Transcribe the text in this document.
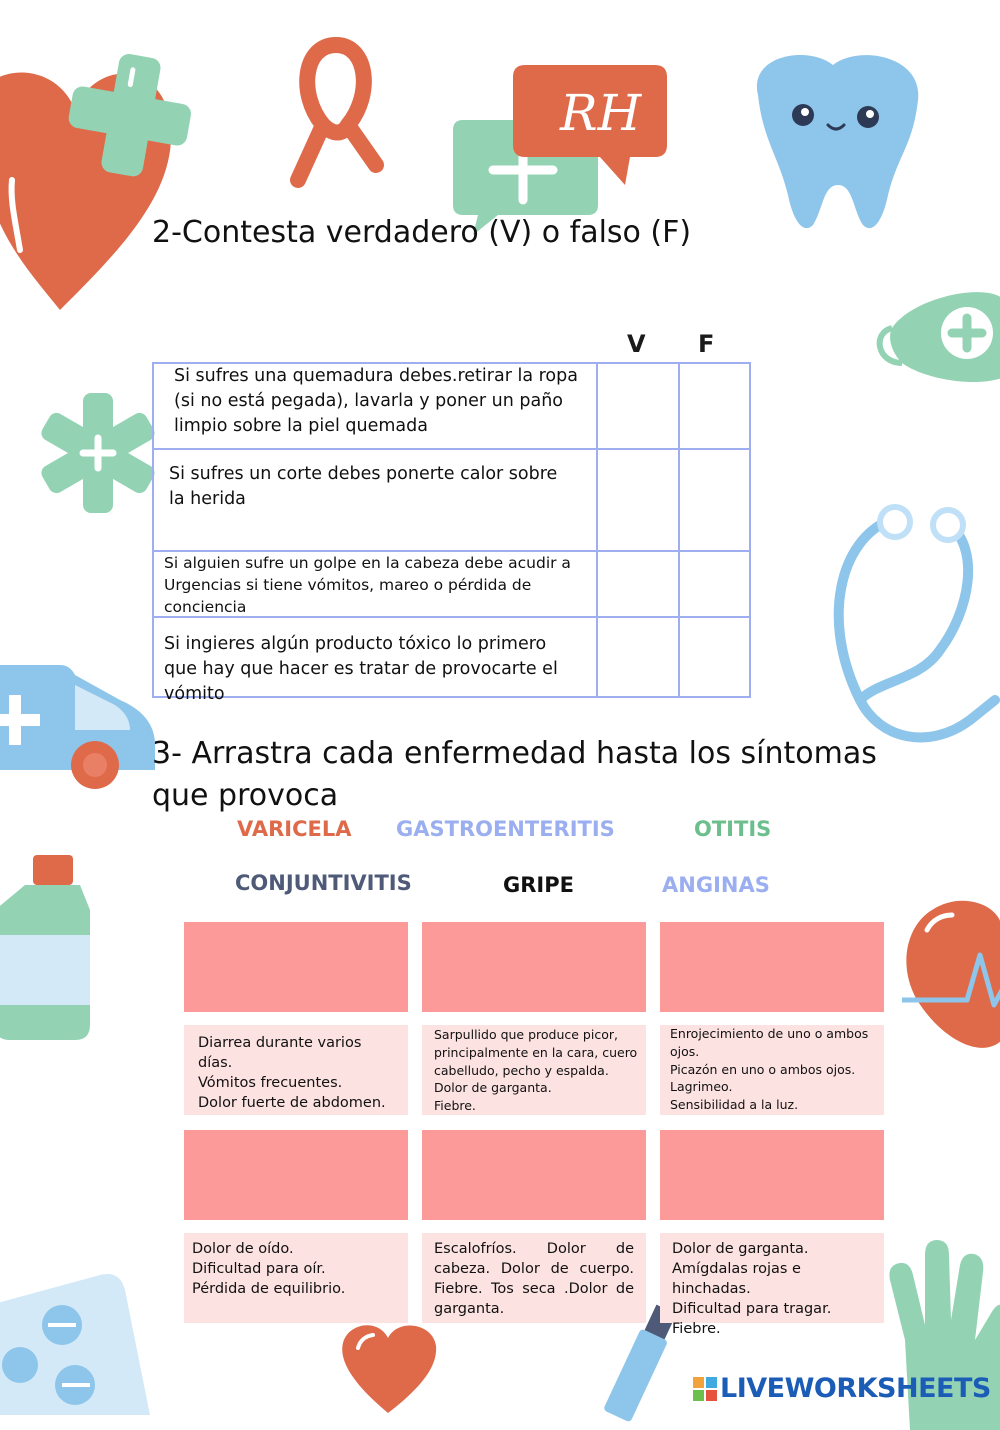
RH
2-Contesta verdadero (V) o falso (F)
V F
Si sufres una quemadura debes.retirar la ropa (si no está pegada), lavarla y poner un paño limpio sobre la piel quemada
Si sufres un corte debes ponerte calor sobre la herida
Si alguien sufre un golpe en la cabeza debe acudir a Urgencias si tiene vómitos, mareo o pérdida de conciencia
Si ingieres algún producto tóxico lo primero que hay que hacer es tratar de provocarte el vómito
3- Arrastra cada enfermedad hasta los síntomas que provoca
VARICELA GASTROENTERITIS	OTITIS
CONJUNTIVITIS	GRIPE	ANGINAS
Diarrea durante varios días.
Vómitos frecuentes.
Dolor fuerte de abdomen.
Sarpullido que produce picor, principalmente en la cara, cuero cabelludo, pecho y espalda.
Dolor de garganta.
Fiebre.
Enrojecimiento de uno o ambos ojos.
Picazón en uno o ambos ojos.
Lagrimeo.
Sensibilidad a la luz.
Dolor de oído.
Dificultad para oír.
Pérdida de equilibrio.
Escalofríos. Dolor de cabeza. Dolor de cuerpo. Fiebre. Tos seca .Dolor de garganta.
Dolor de garganta.
Amígdalas rojas e hinchadas.
Dificultad para tragar.
Fiebre.
LIVEWORKSHEETS
